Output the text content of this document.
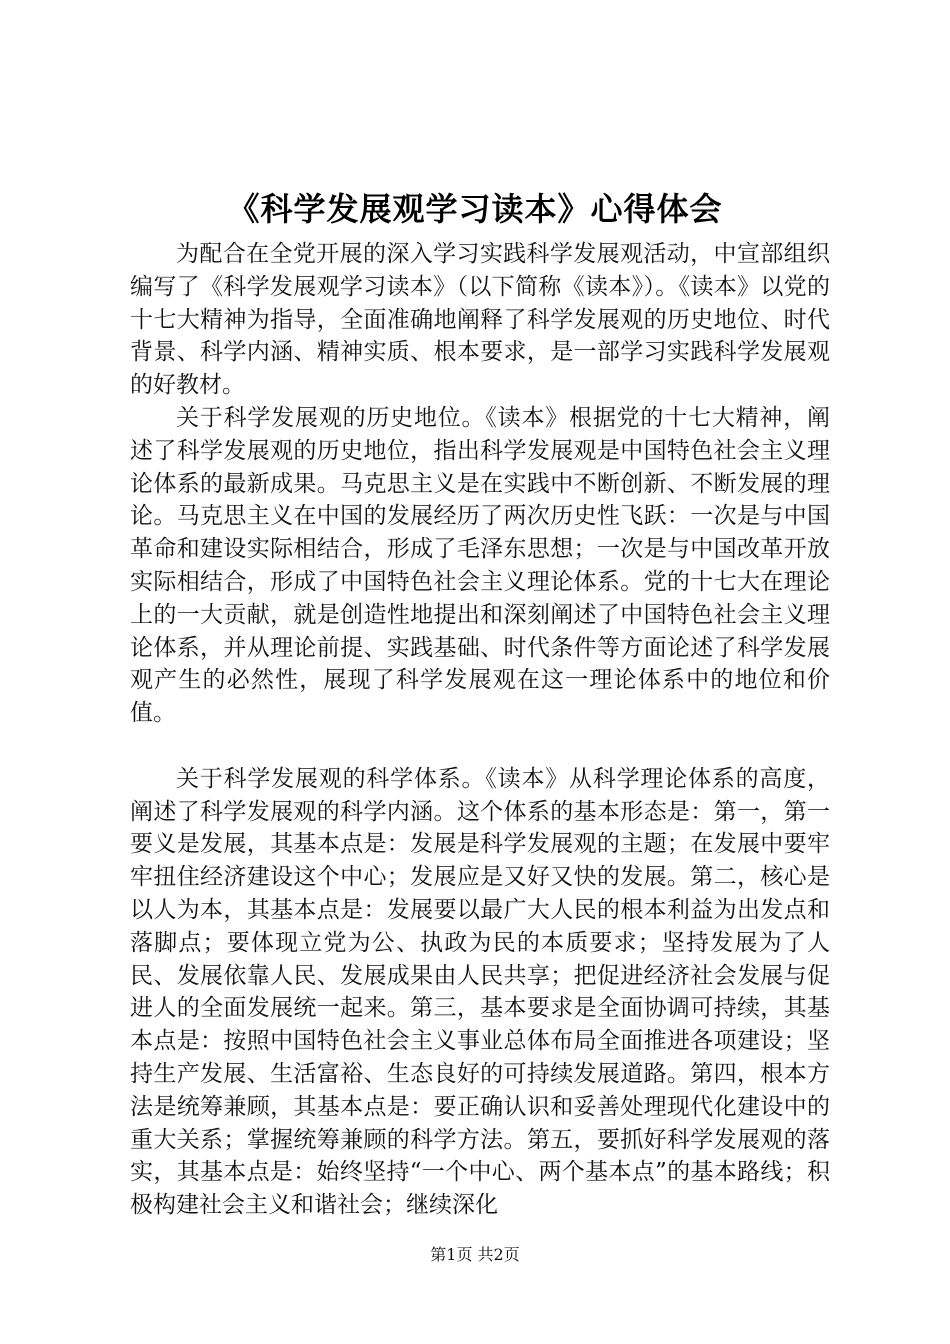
《科学发展观学习读本》心得体会

为配合在全党开展的深入学习实践科学发展观活动，中宣部组织编写了《科学发展观学习读本》（以下简称《读本》）。《读本》以党的十七大精神为指导，全面准确地阐释了科学发展观的历史地位、时代背景、科学内涵、精神实质、根本要求，是一部学习实践科学发展观的好教材。

关于科学发展观的历史地位。《读本》根据党的十七大精神，阐述了科学发展观的历史地位，指出科学发展观是中国特色社会主义理论体系的最新成果。马克思主义是在实践中不断创新、不断发展的理论。马克思主义在中国的发展经历了两次历史性飞跃：一次是与中国革命和建设实际相结合，形成了毛泽东思想；一次是与中国改革开放实际相结合，形成了中国特色社会主义理论体系。党的十七大在理论上的一大贡献，就是创造性地提出和深刻阐述了中国特色社会主义理论体系，并从理论前提、实践基础、时代条件等方面论述了科学发展观产生的必然性，展现了科学发展观在这一理论体系中的地位和价值。

关于科学发展观的科学体系。《读本》从科学理论体系的高度，阐述了科学发展观的科学内涵。这个体系的基本形态是：第一，第一要义是发展，其基本点是：发展是科学发展观的主题；在发展中要牢牢扭住经济建设这个中心；发展应是又好又快的发展。第二，核心是以人为本，其基本点是：发展要以最广大人民的根本利益为出发点和落脚点；要体现立党为公、执政为民的本质要求；坚持发展为了人民、发展依靠人民、发展成果由人民共享；把促进经济社会发展与促进人的全面发展统一起来。第三，基本要求是全面协调可持续，其基本点是：按照中国特色社会主义事业总体布局全面推进各项建设；坚持生产发展、生活富裕、生态良好的可持续发展道路。第四，根本方法是统筹兼顾，其基本点是：要正确认识和妥善处理现代化建设中的重大关系；掌握统筹兼顾的科学方法。第五，要抓好科学发展观的落实，其基本点是：始终坚持“一个中心、两个基本点”的基本路线；积极构建社会主义和谐社会；继续深化

第1页 共2页
